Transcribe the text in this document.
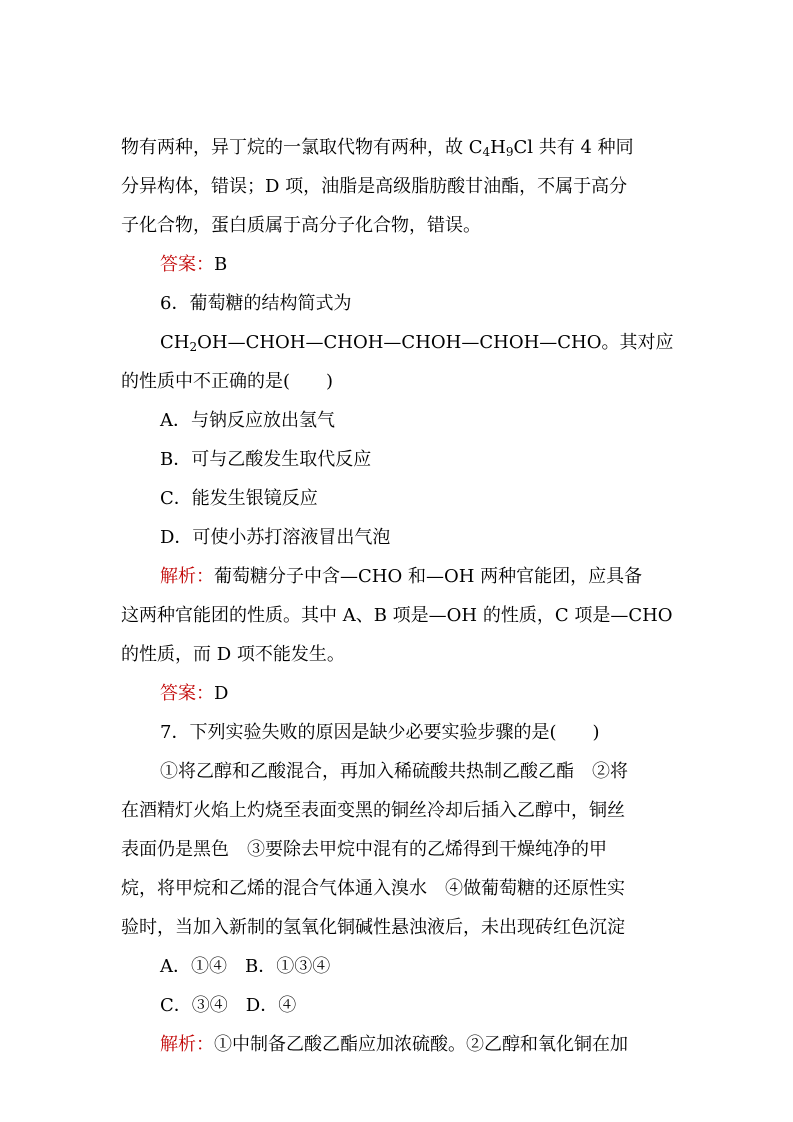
物有两种，异丁烷的一氯取代物有两种，故 $C_4H_9Cl$ 共有 4 种同
分异构体，错误；D 项，油脂是高级脂肪酸甘油酯，不属于高分
子化合物，蛋白质属于高分子化合物，错误。
答案：B
6．葡萄糖的结构简式为
$CH_2OH—CHOH—CHOH—CHOH—CHOH—CHO$。其对应
的性质中不正确的是(　　)
A．与钠反应放出氢气
B．可与乙酸发生取代反应
C．能发生银镜反应
D．可使小苏打溶液冒出气泡
解析：葡萄糖分子中含—CHO 和—OH 两种官能团，应具备
这两种官能团的性质。其中 A、B 项是—OH 的性质，C 项是—CHO
的性质，而 D 项不能发生。
答案：D
7．下列实验失败的原因是缺少必要实验步骤的是(　　)
①将乙醇和乙酸混合，再加入稀硫酸共热制乙酸乙酯　②将
在酒精灯火焰上灼烧至表面变黑的铜丝冷却后插入乙醇中，铜丝
表面仍是黑色　③要除去甲烷中混有的乙烯得到干燥纯净的甲
烷，将甲烷和乙烯的混合气体通入溴水　④做葡萄糖的还原性实
验时，当加入新制的氢氧化铜碱性悬浊液后，未出现砖红色沉淀
A．①④　B．①③④
C．③④　D．④
解析：①中制备乙酸乙酯应加浓硫酸。②乙醇和氧化铜在加
